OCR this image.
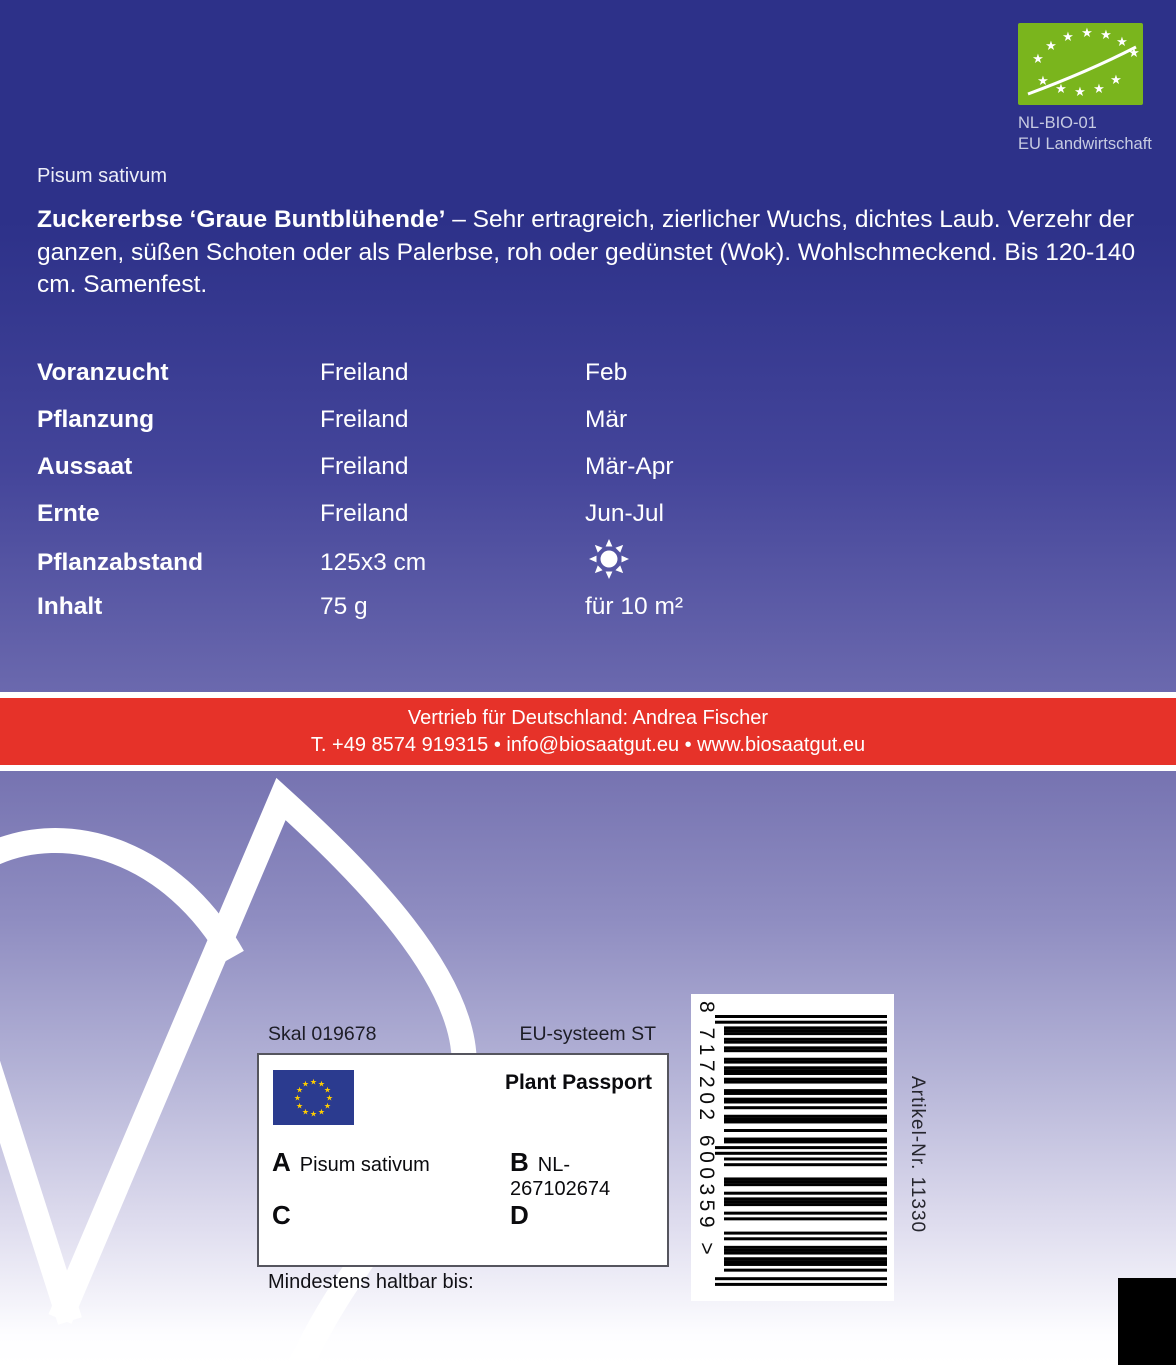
★
★
★ ★ ★ ★
★
★
★ ★ ★
★
NL-BIO-01
EU Landwirtschaft
Pisum sativum
Zuckererbse ‘Graue Buntblühende’ – Sehr ertragreich, zierlicher Wuchs, dichtes Laub. Verzehr der ganzen, süßen Schoten oder als Palerbse, roh oder gedünstet (Wok). Wohlschmeckend. Bis 120-140 cm. Samenfest.
Voranzucht	Freiland	Feb
Pflanzung	Freiland	Mär
Aussaat	Freiland	Mär-Apr
Ernte	Freiland	Jun-Jul
Pflanzabstand	125x3 cm
Inhalt	75 g	für 10 m²
Vertrieb für Deutschland: Andrea Fischer
T. +49 8574 919315 • info@biosaatgut.eu • www.biosaatgut.eu
Skal 019678	EU-systeem ST
★ ★
★
★
★
★
★
★
★
★
★
★	Plant Passport
A Pisum sativum	B NL-267102674
C	D
Mindestens haltbar bis:
8 717202 600359 >	Artikel-Nr. 11330
